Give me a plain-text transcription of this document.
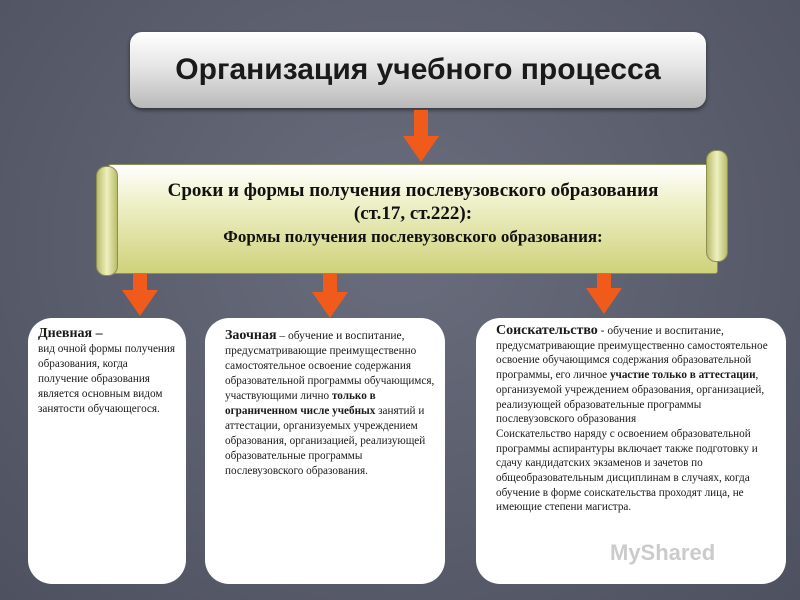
Организация учебного процесса
Сроки и формы получения послевузовского образования
(ст.17, ст.222):
Формы получения послевузовского образования:

Дневная –

вид очной формы получения образования, когда получение образования является основным видом занятости обучающегося.

Заочная – обучение и воспитание, предусматривающие преимущественно самостоятельное освоение содержания образовательной программы обучающимся, участвующими лично только в ограниченном числе учебных занятий и аттестации, организуемых учреждением образования, организацией, реализующей образовательные программы послевузовского образования.

Соискательство - обучение и воспитание, предусматривающие преимущественно самостоятельное освоение обучающимся содержания образовательной программы, его личное участие только в аттестации, организуемой учреждением образования, организацией, реализующей образовательные программы послевузовского образования

Соискательство наряду с освоением образовательной программы аспирантуры включает также подготовку и сдачу кандидатских экзаменов и зачетов по общеобразовательным дисциплинам в случаях, когда обучение в форме соискательства проходят лица, не имеющие степени магистра.

MyShared
